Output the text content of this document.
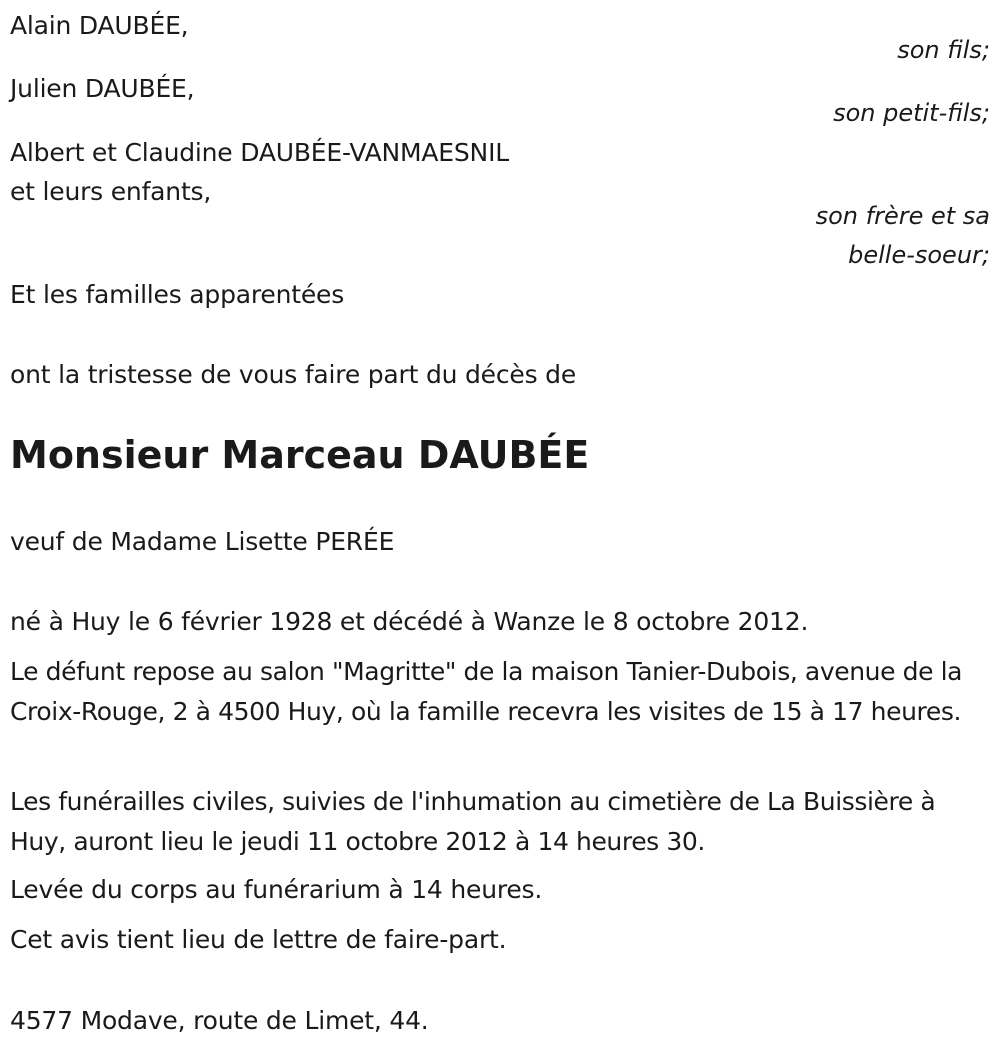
Alain DAUBÉE,
son fils;
Julien DAUBÉE,
son petit-fils;
Albert et Claudine DAUBÉE-VANMAESNIL
et leurs enfants,
son frère et sa
belle-soeur;
Et les familles apparentées
ont la tristesse de vous faire part du décès de
Monsieur Marceau DAUBÉE
veuf de Madame Lisette PERÉE
né à Huy le 6 février 1928 et décédé à Wanze le 8 octobre 2012.
Le défunt repose au salon "Magritte" de la maison Tanier-Dubois, avenue de la Croix-Rouge, 2 à 4500 Huy, où la famille recevra les visites de 15 à 17 heures.
Les funérailles civiles, suivies de l'inhumation au cimetière de La Buissière à Huy, auront lieu le jeudi 11 octobre 2012 à 14 heures 30.
Levée du corps au funérarium à 14 heures.
Cet avis tient lieu de lettre de faire-part.
4577 Modave, route de Limet, 44.
